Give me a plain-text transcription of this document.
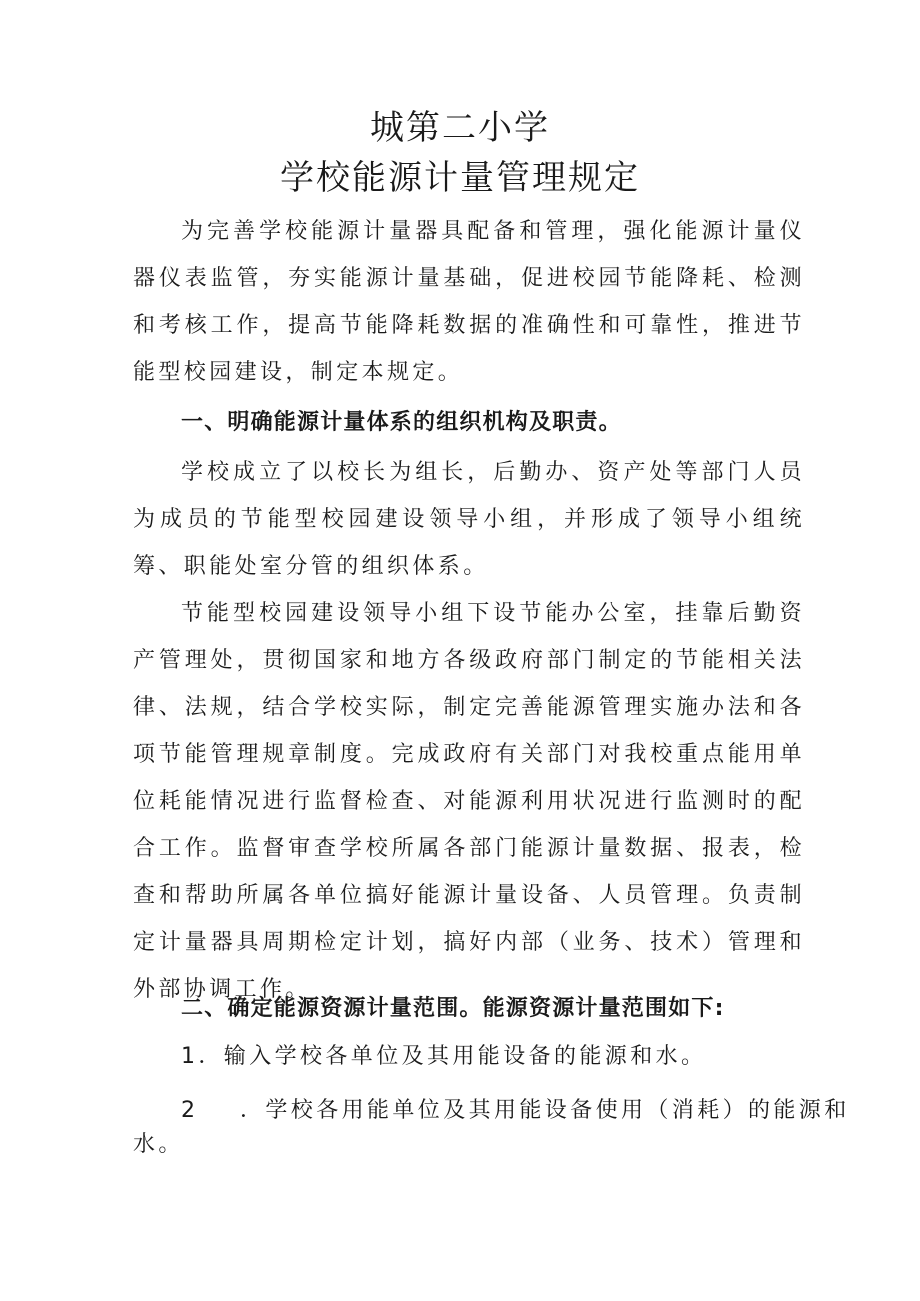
城第二小学
学校能源计量管理规定

为完善学校能源计量器具配备和管理，强化能源计量仪器仪表监管，夯实能源计量基础，促进校园节能降耗、检测和考核工作，提高节能降耗数据的准确性和可靠性，推进节能型校园建设，制定本规定。

一、明确能源计量体系的组织机构及职责。

学校成立了以校长为组长，后勤办、资产处等部门人员为成员的节能型校园建设领导小组，并形成了领导小组统筹、职能处室分管的组织体系。

节能型校园建设领导小组下设节能办公室，挂靠后勤资产管理处，贯彻国家和地方各级政府部门制定的节能相关法律、法规，结合学校实际，制定完善能源管理实施办法和各项节能管理规章制度。完成政府有关部门对我校重点能用单位耗能情况进行监督检查、对能源利用状况进行监测时的配合工作。监督审查学校所属各部门能源计量数据、报表，检查和帮助所属各单位搞好能源计量设备、人员管理。负责制定计量器具周期检定计划，搞好内部（业务、技术）管理和外部协调工作。

二、确定能源资源计量范围。能源资源计量范围如下:

1．输入学校各单位及其用能设备的能源和水。

2 ．学校各用能单位及其用能设备使用（消耗）的能源和

水。
